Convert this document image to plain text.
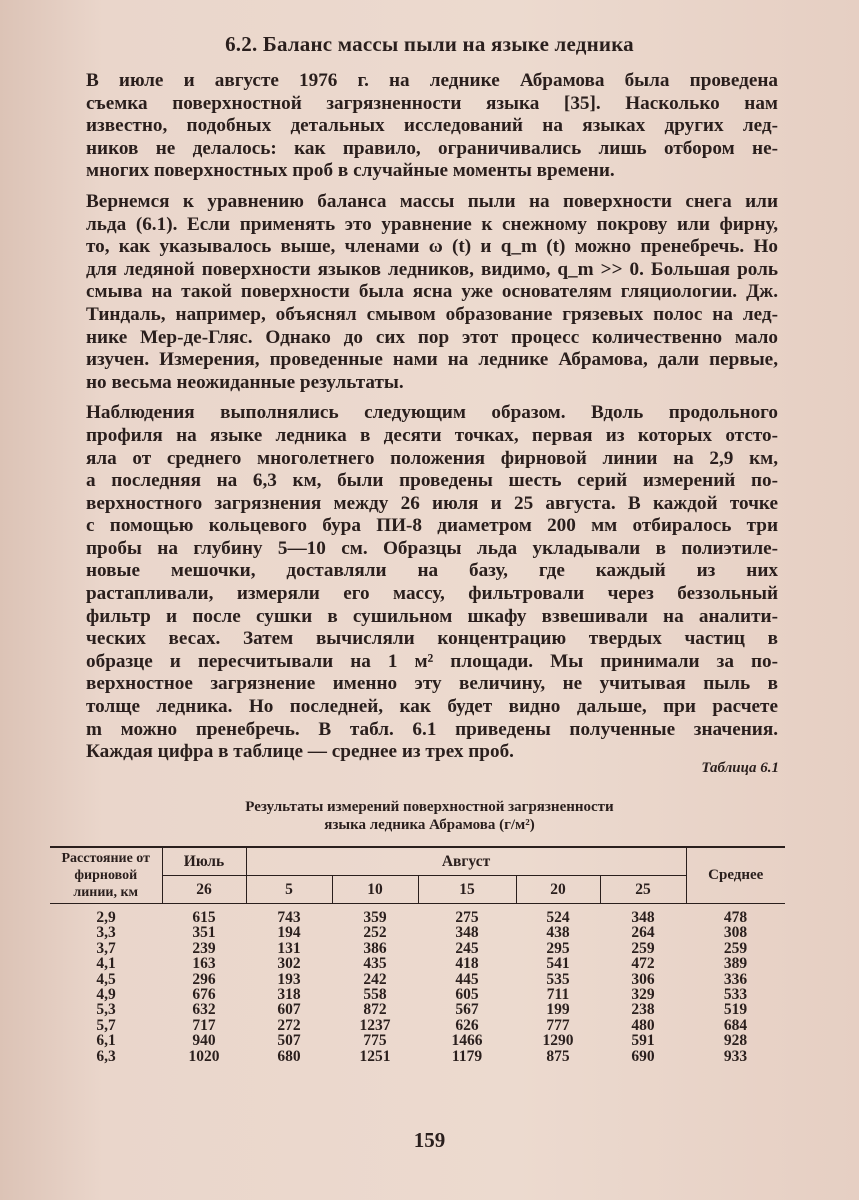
6.2. Баланс массы пыли на языке ледника
В июле и августе 1976 г. на леднике Абрамова была проведена
съемка поверхностной загрязненности языка [35]. Насколько нам
известно, подобных детальных исследований на языках других лед-
ников не делалось: как правило, ограничивались лишь отбором не-
многих поверхностных проб в случайные моменты времени.
Вернемся к уравнению баланса массы пыли на поверхности снега или
льда (6.1). Если применять это уравнение к снежному покрову или фирну,
то, как указывалось выше, членами ω (t) и q_m (t) можно пренебречь. Но
для ледяной поверхности языков ледников, видимо, q_m >> 0. Большая роль
смыва на такой поверхности была ясна уже основателям гляциологии. Дж.
Тиндаль, например, объяснял смывом образование грязевых полос на лед-
нике Мер-де-Гляс. Однако до сих пор этот процесс количественно мало
изучен. Измерения, проведенные нами на леднике Абрамова, дали первые,
но весьма неожиданные результаты.
Наблюдения выполнялись следующим образом. Вдоль продольного
профиля на языке ледника в десяти точках, первая из которых отсто-
яла от среднего многолетнего положения фирновой линии на 2,9 км,
а последняя на 6,3 км, были проведены шесть серий измерений по-
верхностного загрязнения между 26 июля и 25 августа. В каждой точке
с помощью кольцевого бура ПИ-8 диаметром 200 мм отбиралось три
пробы на глубину 5—10 см. Образцы льда укладывали в полиэтиле-
новые мешочки, доставляли на базу, где каждый из них
растапливали, измеряли его массу, фильтровали через беззольный
фильтр и после сушки в сушильном шкафу взвешивали на аналити-
ческих весах. Затем вычисляли концентрацию твердых частиц в
образце и пересчитывали на 1 м² площади. Мы принимали за по-
верхностное загрязнение именно эту величину, не учитывая пыль в
толще ледника. Но последней, как будет видно дальше, при расчете
m можно пренебречь. В табл. 6.1 приведены полученные значения.
Каждая цифра в таблице — среднее из трех проб.
Таблица 6.1
Результаты измерений поверхностной загрязненности
языка ледника Абрамова (г/м²)
Расстояние от фирновой линии, км	Июль	Август					Среднее
	26	5	10	15	20	25	
2,9	615	743	359	275	524	348	478
3,3	351	194	252	348	438	264	308
3,7	239	131	386	245	295	259	259
4,1	163	302	435	418	541	472	389
4,5	296	193	242	445	535	306	336
4,9	676	318	558	605	711	329	533
5,3	632	607	872	567	199	238	519
5,7	717	272	1237	626	777	480	684
6,1	940	507	775	1466	1290	591	928
6,3	1020	680	1251	1179	875	690	933
159
